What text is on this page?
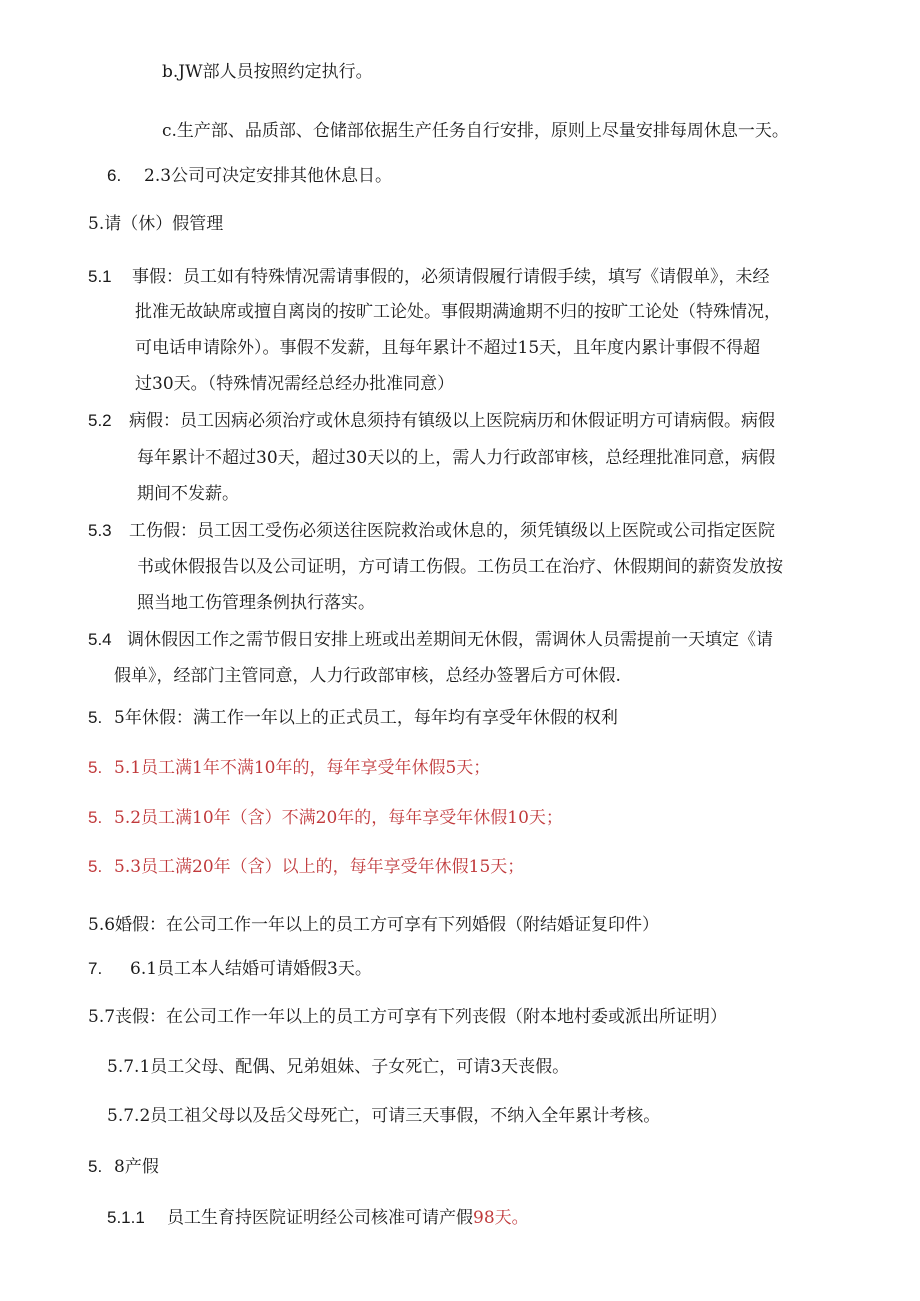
b.JW部人员按照约定执行。
c.生产部、品质部、仓储部依据生产任务自行安排，原则上尽量安排每周休息一天。
6. 2.3公司可决定安排其他休息日。
5.请（休）假管理
5.1 事假：员工如有特殊情况需请事假的，必须请假履行请假手续，填写《请假单》，未经
批准无故缺席或擅自离岗的按旷工论处。事假期满逾期不归的按旷工论处（特殊情况，
可电话申请除外）。事假不发薪，且每年累计不超过15天，且年度内累计事假不得超
过30天。（特殊情况需经总经办批准同意）
5.2 病假：员工因病必须治疗或休息须持有镇级以上医院病历和休假证明方可请病假。病假
每年累计不超过30天，超过30天以的上，需人力行政部审核，总经理批准同意，病假
期间不发薪。
5.3 工伤假：员工因工受伤必须送往医院救治或休息的，须凭镇级以上医院或公司指定医院
书或休假报告以及公司证明，方可请工伤假。工伤员工在治疗、休假期间的薪资发放按
照当地工伤管理条例执行落实。
5.4 调休假因工作之需节假日安排上班或出差期间无休假，需调休人员需提前一天填定《请
假单》，经部门主管同意，人力行政部审核，总经办签署后方可休假.
5. 5年休假：满工作一年以上的正式员工，每年均有享受年休假的权利
5. 5.1员工满1年不满10年的，每年享受年休假5天；
5. 5.2员工满10年（含）不满20年的，每年享受年休假10天；
5. 5.3员工满20年（含）以上的，每年享受年休假15天；
5.6婚假：在公司工作一年以上的员工方可享有下列婚假（附结婚证复印件）
7. 6.1员工本人结婚可请婚假3天。
5.7丧假：在公司工作一年以上的员工方可享有下列丧假（附本地村委或派出所证明）
5.7.1员工父母、配偶、兄弟姐妹、子女死亡，可请3天丧假。
5.7.2员工祖父母以及岳父母死亡，可请三天事假，不纳入全年累计考核。
5. 8产假
5.1.1 员工生育持医院证明经公司核准可请产假98天。
